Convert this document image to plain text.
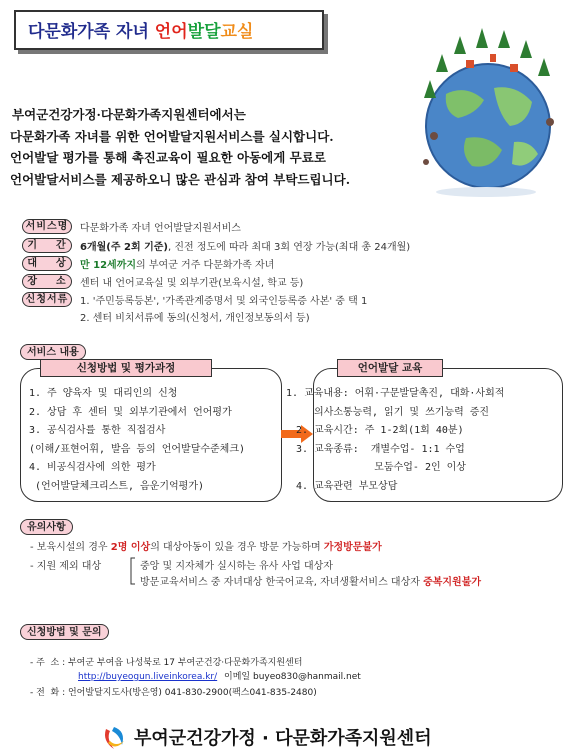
다문화가족 자녀 언어발달교실
부여군건강가정·다문화가족지원센터에서는
다문화가족 자녀를 위한 언어발달지원서비스를 실시합니다.
언어발달 평가를 통해 촉진교육이 필요한 아동에게 무료로
언어발달서비스를 제공하오니 많은 관심과 참여 부탁드립니다.
서비스명	다문화가족 자녀 언어발달지원서비스
기    간	6개월(주 2회 기준) , 진전 정도에 따라 최대 3회 연장 가능(최대 총 24개월)
대    상	만 12세까지 의 부여군 거주 다문화가족 자녀
장    소	센터 내 언어교육실 및 외부기관(보육시설, 학교 등)
신청서류	1. '주민등록등본', '가족관계증명서 및 외국인등록증 사본' 중 택 1
2. 센터 비치서류에 동의(신청서, 개인정보동의서 등)
서비스 내용
1. 주 양육자 및 대리인의 신청
2. 상담 후 센터 및 외부기관에서 언어평가
3. 공식검사를 통한 직접검사
(이해/표현어휘, 발음 등의 언어발달수준체크)
4. 비공식검사에 의한 평가
(언어발달체크리스트, 음운기억평가)
신청방법 및 평가과정
1. 교육내용: 어휘·구문발달촉진, 대화·사회적
의사소통능력, 읽기 및 쓰기능력 증진
2. 교육시간: 주 1-2회(1회 40분)
3. 교육종류:  개별수업- 1:1 수업
모둠수업- 2인 이상
4. 교육관련 부모상담
언어발달 교육
유의사항
- 보육시설의 경우 2명 이상의 대상아동이 있을 경우 방문 가능하며 가정방문불가
- 지원 제외 대상	중앙 및 지자체가 실시하는 유사 사업 대상자
방문교육서비스 중 자녀대상 한국어교육, 자녀생활서비스 대상자 중복지원불가
신청방법 및 문의
- 주  소 : 부여군 부여읍 나성북로 17 부여군건강·다문화가족지원센터
http://buyeogun.liveinkorea.kr/ 이메일 buyeo830@hanmail.net
- 전  화 : 언어발달지도사(방은영) 041-830-2900(팩스041-835-2480)
부여군건강가정 · 다문화가족지원센터
